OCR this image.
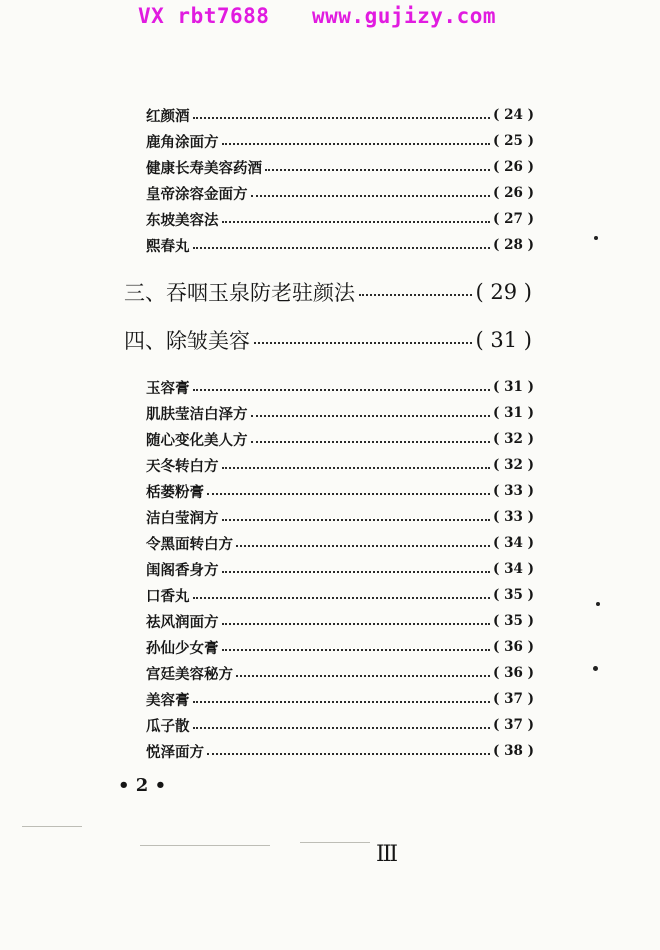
VX rbt7688 www.gujizy.com
红颜酒	( 24 )
鹿角涂面方	( 25 )
健康长寿美容药酒	( 26 )
皇帝涂容金面方	( 26 )
东坡美容法	( 27 )
熙春丸	( 28 )
三、吞咽玉泉防老驻颜法	( 29 )
四、除皱美容	( 31 )
玉容膏	( 31 )
肌肤莹洁白泽方	( 31 )
随心变化美人方	( 32 )
天冬转白方	( 32 )
栝蒌粉膏	( 33 )
洁白莹润方	( 33 )
令黑面转白方	( 34 )
闺阁香身方	( 34 )
口香丸	( 35 )
祛风润面方	( 35 )
孙仙少女膏	( 36 )
宫廷美容秘方	( 36 )
美容膏	( 37 )
瓜子散	( 37 )
悦泽面方	( 38 )
• 2 •
III
